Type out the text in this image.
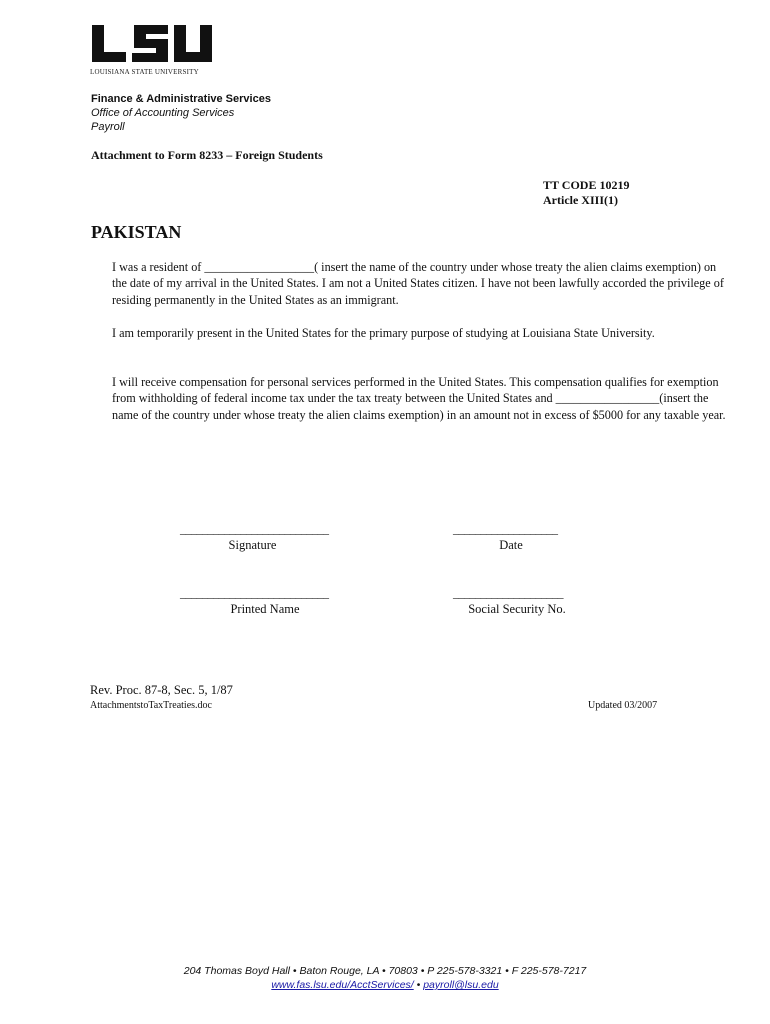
LOUISIANA STATE UNIVERSITY
Finance & Administrative Services
Office of Accounting Services
Payroll
Attachment to Form 8233 – Foreign Students
TT CODE 10219
Article XIII(1)
PAKISTAN
I was a resident of __________________( insert the name of the country under whose treaty the alien claims exemption) on the date of my arrival in the United States. I am not a United States citizen. I have not been lawfully accorded the privilege of residing permanently in the United States as an immigrant.
I am temporarily present in the United States for the primary purpose of studying at Louisiana State University.
I will receive compensation for personal services performed in the United States. This compensation qualifies for exemption from withholding of federal income tax under the tax treaty between the United States and _________________(insert the name of the country under whose treaty the alien claims exemption) in an amount not in excess of $5000 for any taxable year.
___________________________
Signature
___________________
Date
___________________________
Printed Name
____________________
Social Security No.
Rev. Proc. 87-8, Sec. 5, 1/87
AttachmentstoTaxTreaties.doc	Updated 03/2007
204 Thomas Boyd Hall • Baton Rouge, LA • 70803 • P 225-578-3321 • F 225-578-7217
www.fas.lsu.edu/AcctServices/ • payroll@lsu.edu
